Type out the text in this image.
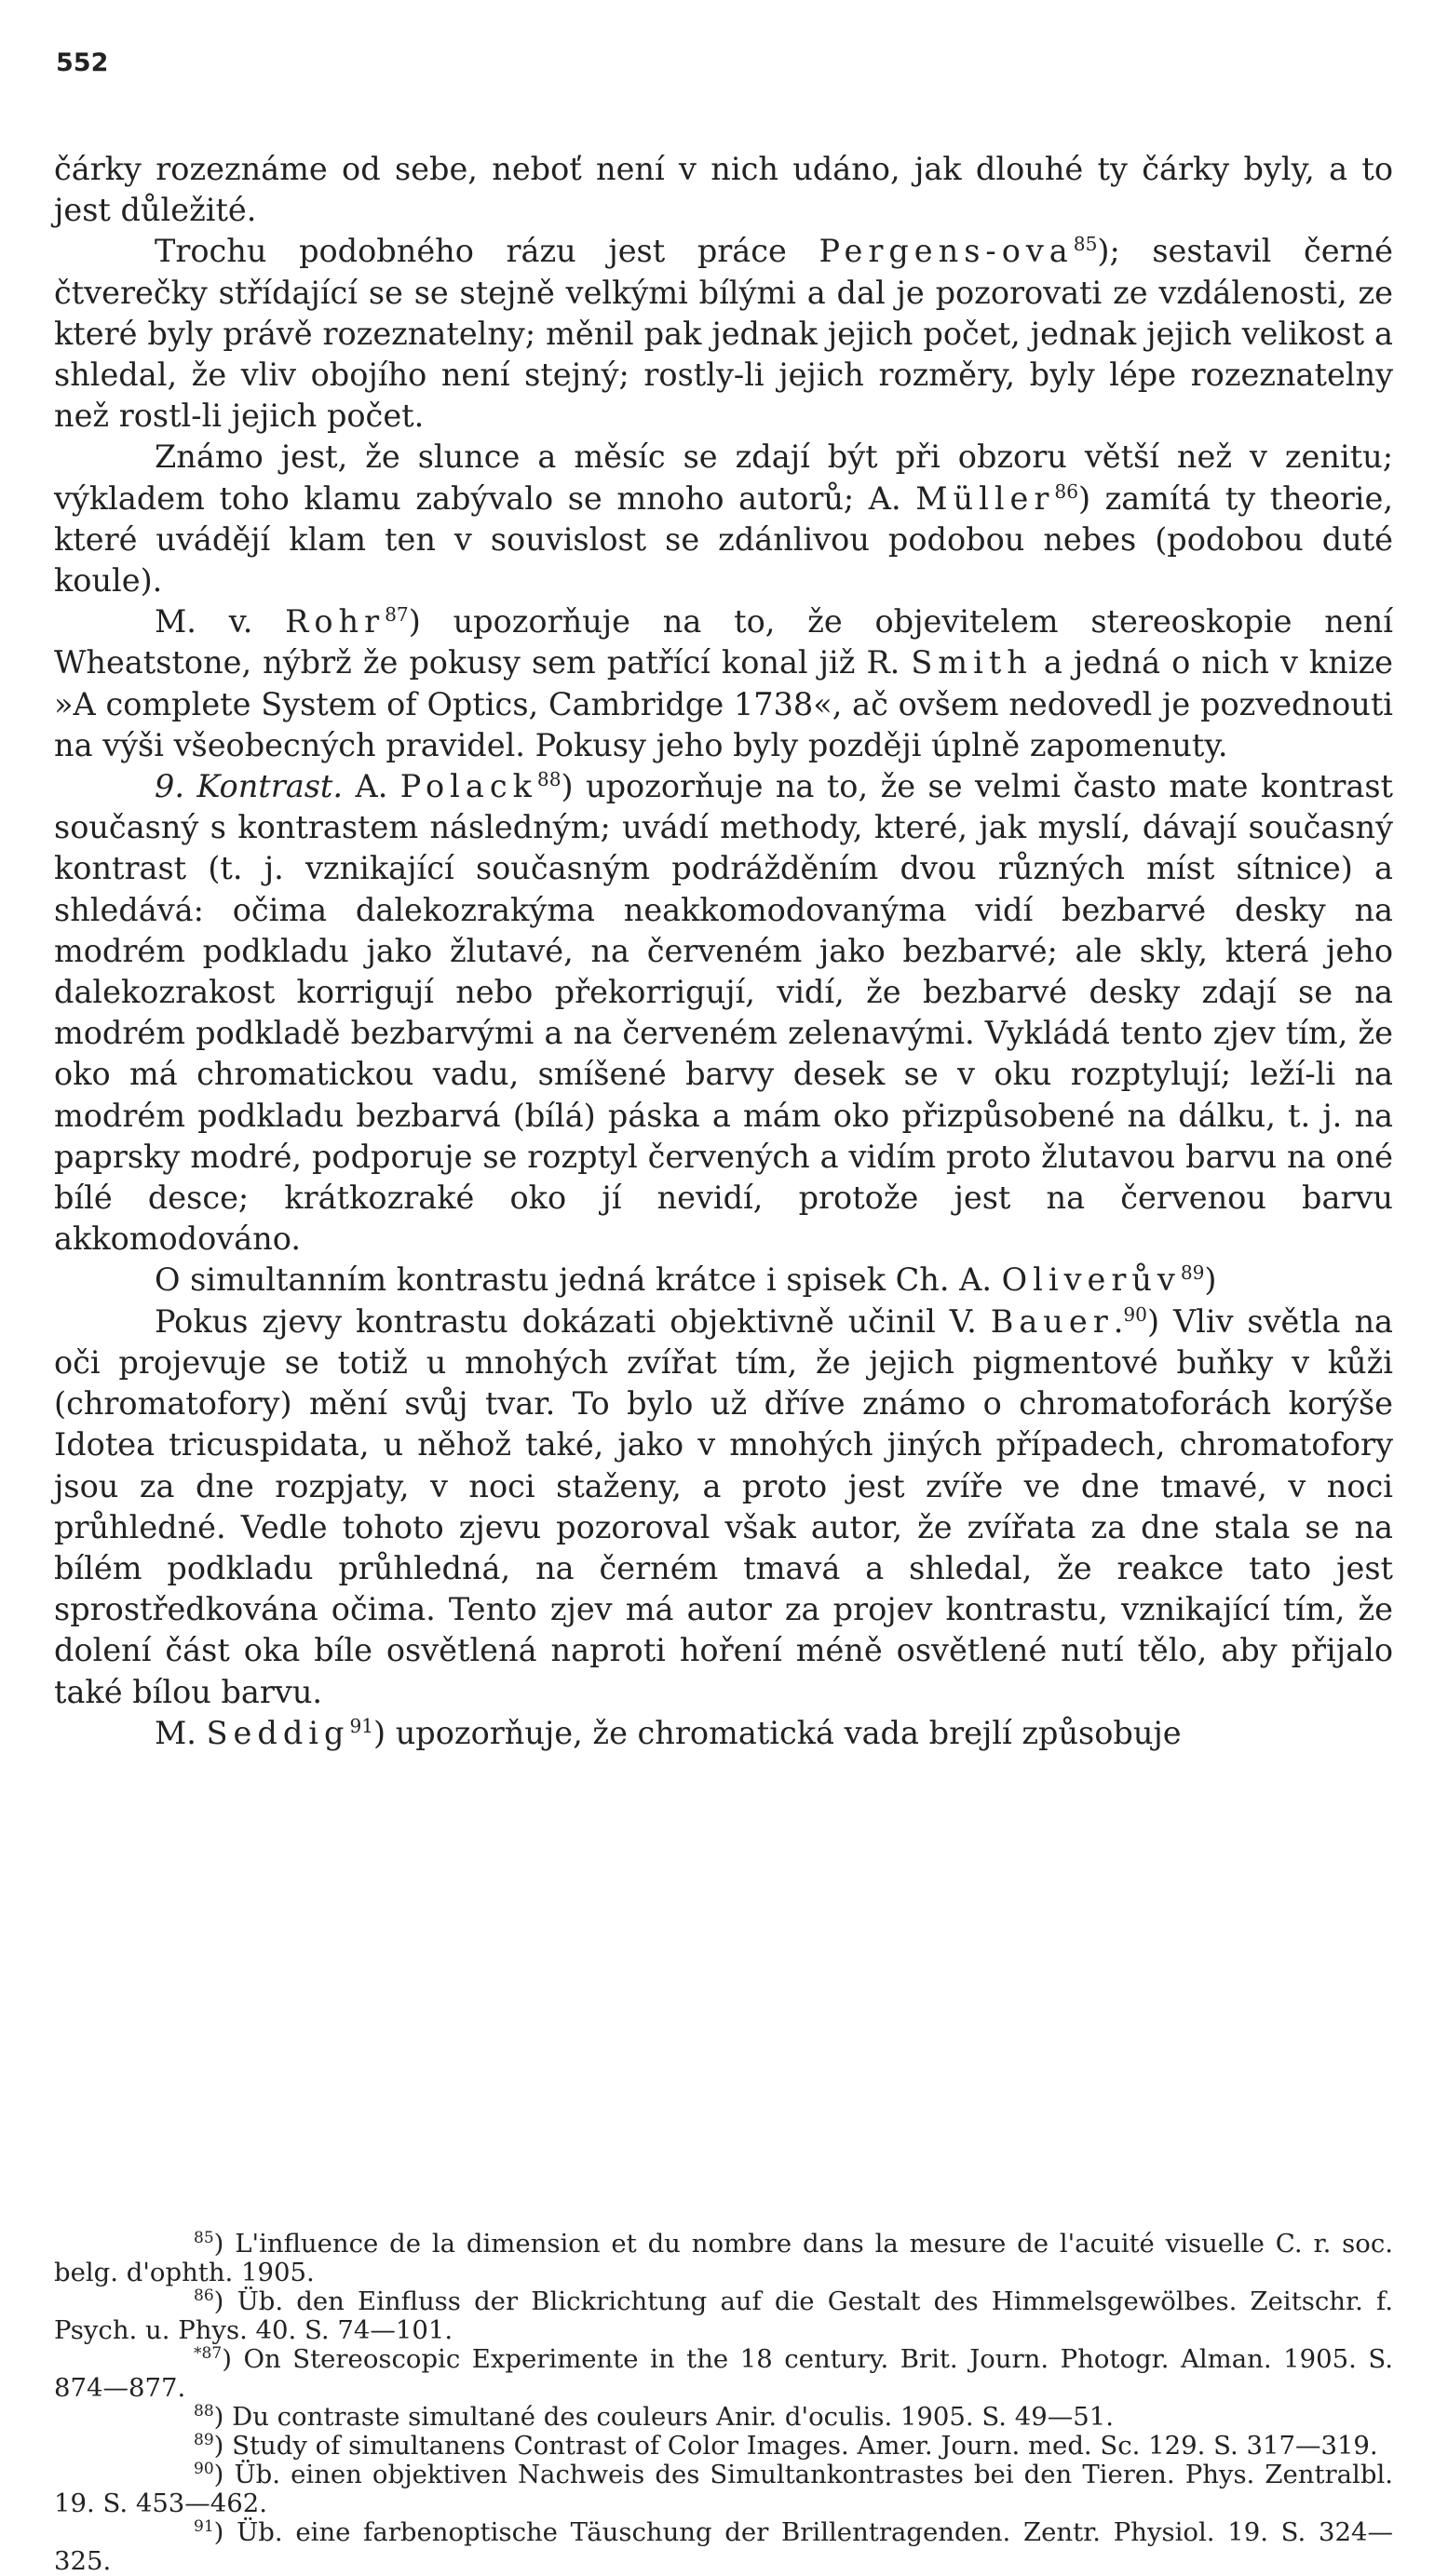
552

čárky rozeznáme od sebe, neboť není v nich udáno, jak dlouhé ty čárky byly, a to jest důležité.

Trochu podobného rázu jest práce Pergens-ova$^{85}$); sestavil černé čtverečky střídající se se stejně velkými bílými a dal je pozorovati ze vzdálenosti, ze které byly právě rozeznatelny; měnil pak jednak jejich počet, jednak jejich velikost a shledal, že vliv obojího není stejný; rostly-li jejich rozměry, byly lépe rozeznatelny než rostl-li jejich počet.

Známo jest, že slunce a měsíc se zdají být při obzoru větší než v zenitu; výkladem toho klamu zabývalo se mnoho autorů; A. Müller$^{86}$) zamítá ty theorie, které uvádějí klam ten v souvislost se zdánlivou podobou nebes (podobou duté koule).

M. v. Rohr$^{87}$) upozorňuje na to, že objevitelem stereoskopie není Wheatstone, nýbrž že pokusy sem patřící konal již R. Smith a jedná o nich v knize »A complete System of Optics, Cambridge 1738«, ač ovšem nedovedl je pozvednouti na výši všeobecných pravidel. Pokusy jeho byly později úplně zapomenuty.

9. Kontrast. A. Polack$^{88}$) upozorňuje na to, že se velmi často mate kontrast současný s kontrastem následným; uvádí methody, které, jak myslí, dávají současný kontrast (t. j. vznikající současným podrážděním dvou různých míst sítnice) a shledává: očima dalekozrakýma neakkomodovanýma vidí bezbarvé desky na modrém podkladu jako žlutavé, na červeném jako bezbarvé; ale skly, která jeho dalekozrakost korrigují nebo překorrigují, vidí, že bezbarvé desky zdají se na modrém podkladě bezbarvými a na červeném zelenavými. Vykládá tento zjev tím, že oko má chromatickou vadu, smíšené barvy desek se v oku rozptylují; leží-li na modrém podkladu bezbarvá (bílá) páska a mám oko přizpůsobené na dálku, t. j. na paprsky modré, podporuje se rozptyl červených a vidím proto žlutavou barvu na oné bílé desce; krátkozraké oko jí nevidí, protože jest na červenou barvu akkomodováno.

O simultanním kontrastu jedná krátce i spisek Ch. A. Oliverův$^{89}$)

Pokus zjevy kontrastu dokázati objektivně učinil V. Bauer.$^{90}$) Vliv světla na oči projevuje se totiž u mnohých zvířat tím, že jejich pigmentové buňky v kůži (chromatofory) mění svůj tvar. To bylo už dříve známo o chromatoforách korýše Idotea tricuspidata, u něhož také, jako v mnohých jiných případech, chromatofory jsou za dne rozpjaty, v noci staženy, a proto jest zvíře ve dne tmavé, v noci průhledné. Vedle tohoto zjevu pozoroval však autor, že zvířata za dne stala se na bílém podkladu průhledná, na černém tmavá a shledal, že reakce tato jest sprostředkována očima. Tento zjev má autor za projev kontrastu, vznikající tím, že dolení část oka bíle osvětlená naproti hoření méně osvětlené nutí tělo, aby přijalo také bílou barvu.

M. Seddig$^{91}$) upozorňuje, že chromatická vada brejlí způsobuje

$^{85}$) L'influence de la dimension et du nombre dans la mesure de l'acuité visuelle C. r. soc. belg. d'ophth. 1905.

$^{86}$) Üb. den Einfluss der Blickrichtung auf die Gestalt des Himmelsgewölbes. Zeitschr. f. Psych. u. Phys. 40. S. 74—101.

$^{*87}$) On Stereoscopic Experimente in the 18 century. Brit. Journ. Photogr. Alman. 1905. S. 874—877.

$^{88}$) Du contraste simultané des couleurs Anir. d'oculis. 1905. S. 49—51.

$^{89}$) Study of simultanens Contrast of Color Images. Amer. Journ. med. Sc. 129. S. 317—319.

$^{90}$) Üb. einen objektiven Nachweis des Simultankontrastes bei den Tieren. Phys. Zentralbl. 19. S. 453—462.

$^{91}$) Üb. eine farbenoptische Täuschung der Brillentragenden. Zentr. Physiol. 19. S. 324—325.
